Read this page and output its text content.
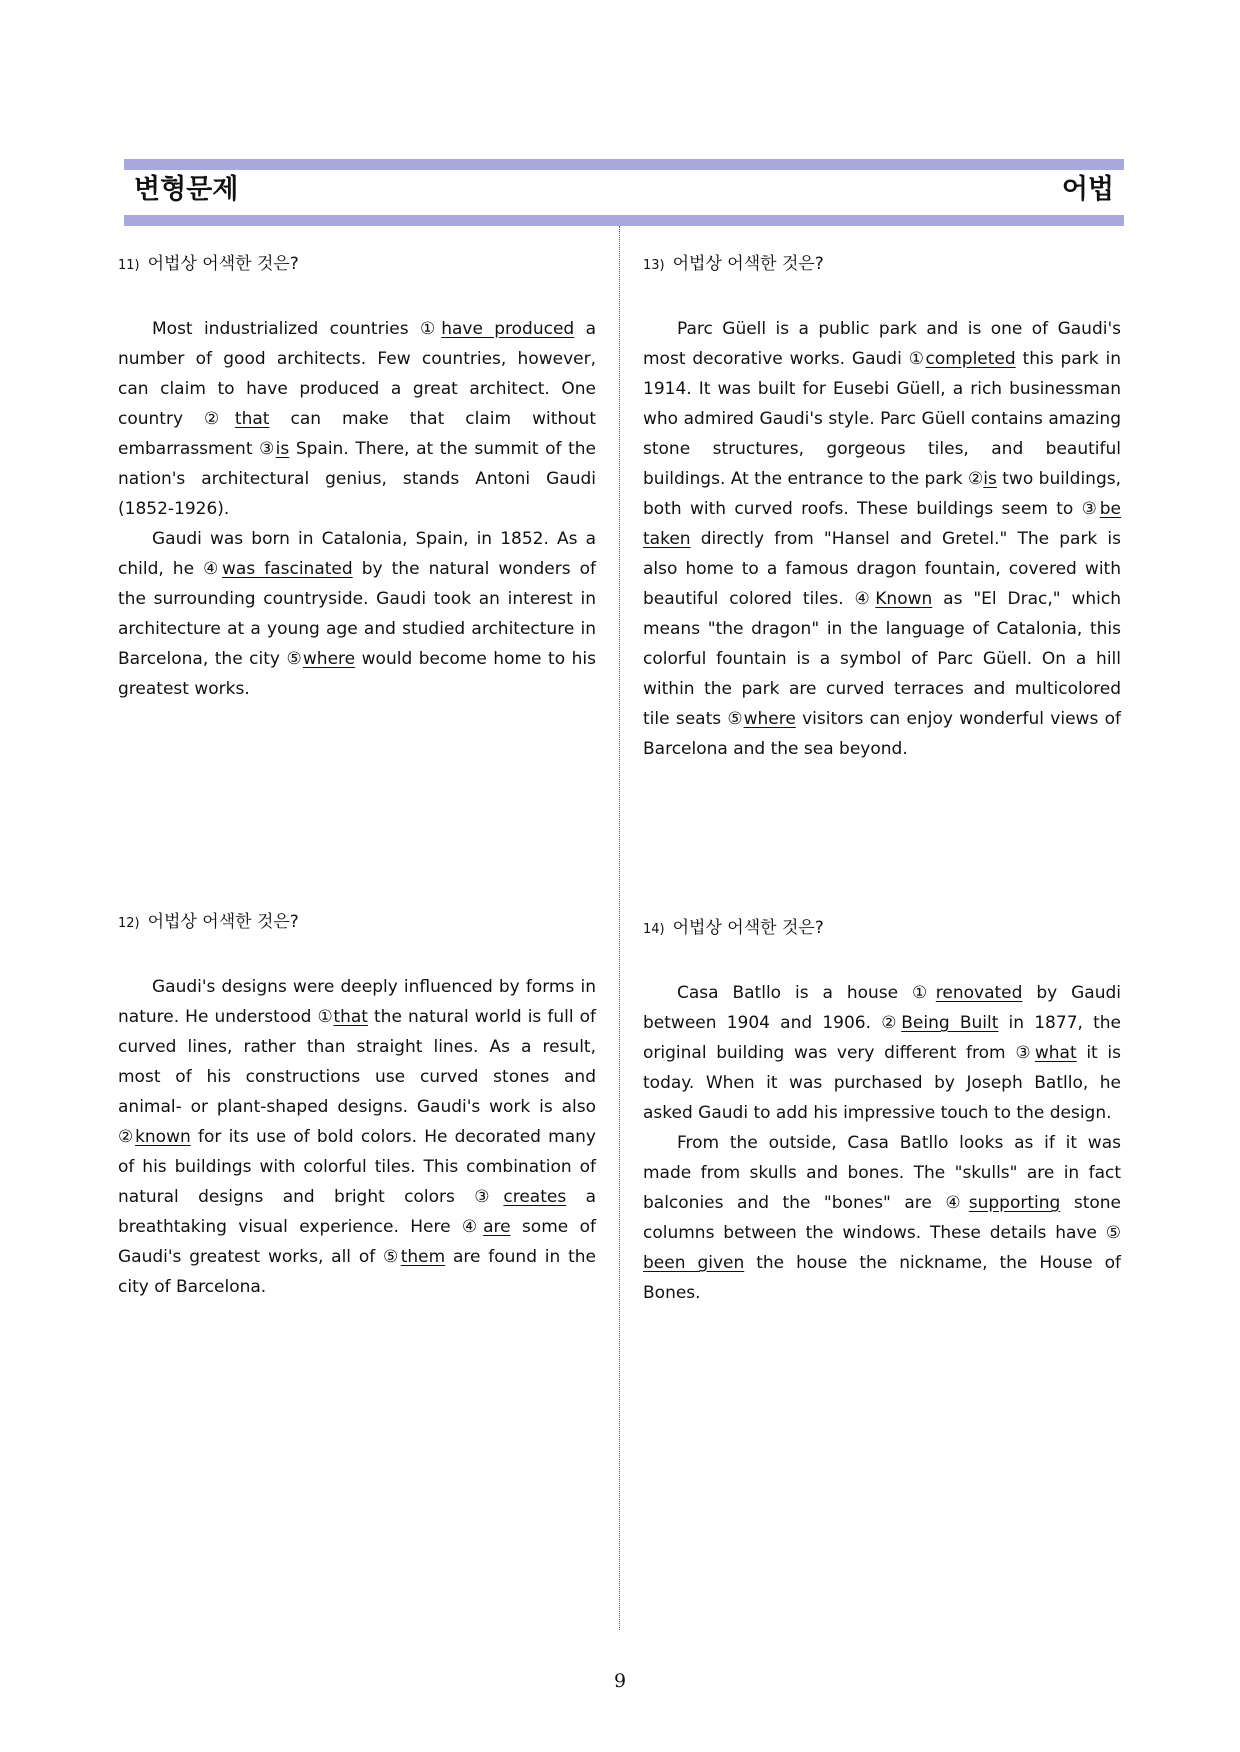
변형문제	어법
11) 어법상 어색한 것은?

Most industrialized countries ①have produced a number of good architects. Few countries, however, can claim to have produced a great architect. One country ②that can make that claim without embarrassment ③is Spain. There, at the summit of the nation's architectural genius, stands Antoni Gaudi (1852-1926).

Gaudi was born in Catalonia, Spain, in 1852. As a child, he ④was fascinated by the natural wonders of the surrounding countryside. Gaudi took an interest in architecture at a young age and studied architecture in Barcelona, the city ⑤where would become home to his greatest works.

12) 어법상 어색한 것은?

Gaudi's designs were deeply influenced by forms in nature. He understood ①that the natural world is full of curved lines, rather than straight lines. As a result, most of his constructions use curved stones and animal- or plant-shaped designs. Gaudi's work is also ②known for its use of bold colors. He decorated many of his buildings with colorful tiles. This combination of natural designs and bright colors ③creates a breathtaking visual experience. Here ④are some of Gaudi's greatest works, all of ⑤them are found in the city of Barcelona.

13) 어법상 어색한 것은?

Parc Güell is a public park and is one of Gaudi's most decorative works. Gaudi ①completed this park in 1914. It was built for Eusebi Güell, a rich businessman who admired Gaudi's style. Parc Güell contains amazing stone structures, gorgeous tiles, and beautiful buildings. At the entrance to the park ②is two buildings, both with curved roofs. These buildings seem to ③be taken directly from "Hansel and Gretel." The park is also home to a famous dragon fountain, covered with beautiful colored tiles. ④Known as "El Drac," which means "the dragon" in the language of Catalonia, this colorful fountain is a symbol of Parc Güell. On a hill within the park are curved terraces and multicolored tile seats ⑤where visitors can enjoy wonderful views of Barcelona and the sea beyond.

14) 어법상 어색한 것은?

Casa Batllo is a house ①renovated by Gaudi between 1904 and 1906. ②Being Built in 1877, the original building was very different from ③what it is today. When it was purchased by Joseph Batllo, he asked Gaudi to add his impressive touch to the design.

From the outside, Casa Batllo looks as if it was made from skulls and bones. The "skulls" are in fact balconies and the "bones" are ④supporting stone columns between the windows. These details have ⑤ been given the house the nickname, the House of Bones.

9
